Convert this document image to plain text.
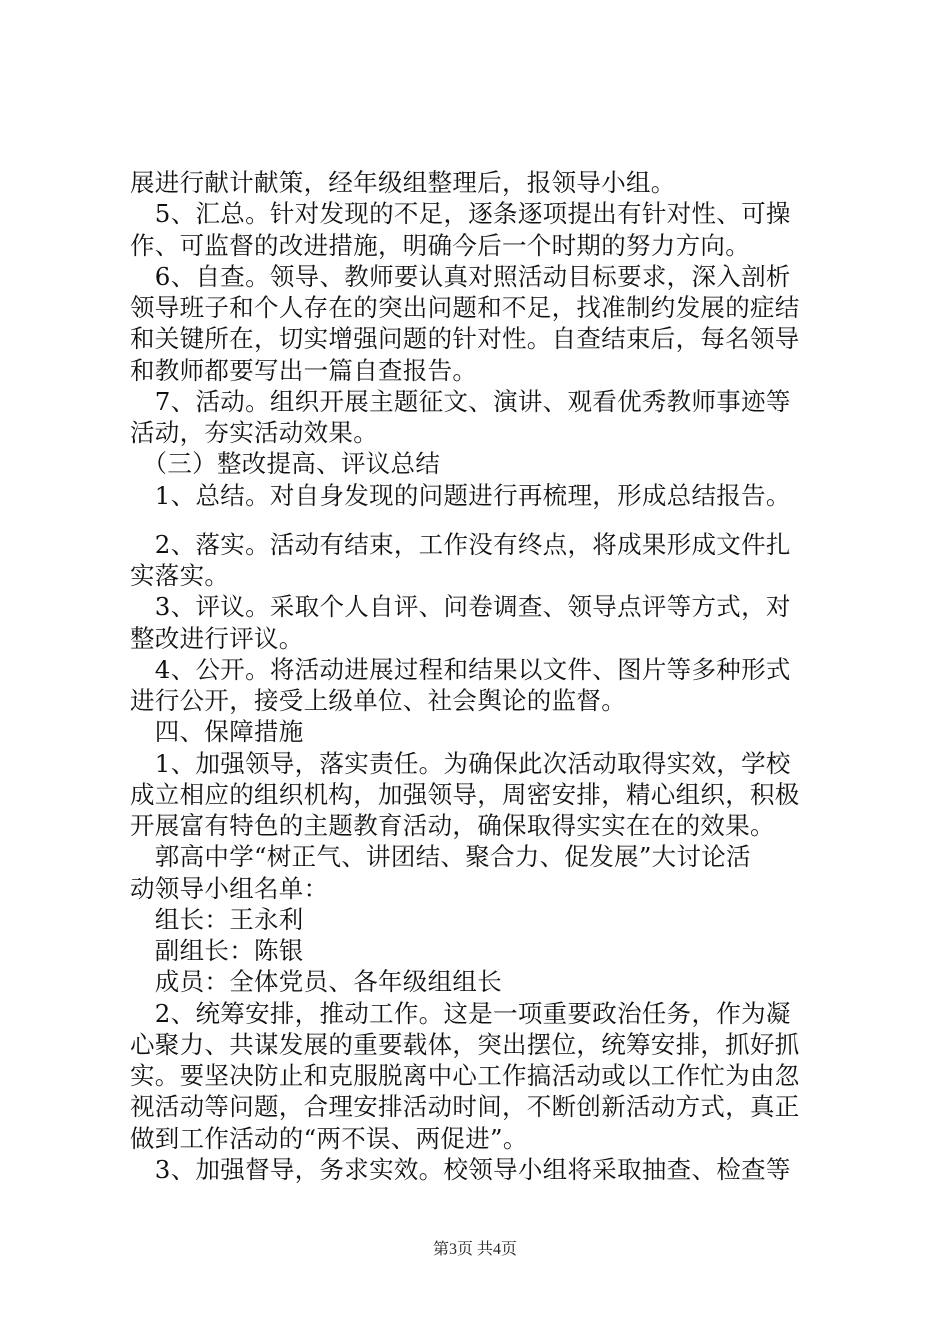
展进行献计献策，经年级组整理后，报领导小组。
　5、汇总。针对发现的不足，逐条逐项提出有针对性、可操
作、可监督的改进措施，明确今后一个时期的努力方向。
　6、自查。领导、教师要认真对照活动目标要求，深入剖析
领导班子和个人存在的突出问题和不足，找准制约发展的症结
和关键所在，切实增强问题的针对性。自查结束后，每名领导
和教师都要写出一篇自查报告。
　7、活动。组织开展主题征文、演讲、观看优秀教师事迹等
活动，夯实活动效果。
　（三）整改提高、评议总结
　1、总结。对自身发现的问题进行再梳理，形成总结报告。
　2、落实。活动有结束，工作没有终点，将成果形成文件扎
实落实。
　3、评议。采取个人自评、问卷调查、领导点评等方式，对
整改进行评议。
　4、公开。将活动进展过程和结果以文件、图片等多种形式
进行公开，接受上级单位、社会舆论的监督。
　四、保障措施
　1、加强领导，落实责任。为确保此次活动取得实效，学校
成立相应的组织机构，加强领导，周密安排，精心组织，积极
开展富有特色的主题教育活动，确保取得实实在在的效果。
　郭高中学“树正气、讲团结、聚合力、促发展”大讨论活
动领导小组名单：
　组长：王永利
　副组长：陈银
　成员：全体党员、各年级组组长
　2、统筹安排，推动工作。这是一项重要政治任务，作为凝
心聚力、共谋发展的重要载体，突出摆位，统筹安排，抓好抓
实。要坚决防止和克服脱离中心工作搞活动或以工作忙为由忽
视活动等问题，合理安排活动时间，不断创新活动方式，真正
做到工作活动的“两不误、两促进”。
　3、加强督导，务求实效。校领导小组将采取抽查、检查等
第3页 共4页
